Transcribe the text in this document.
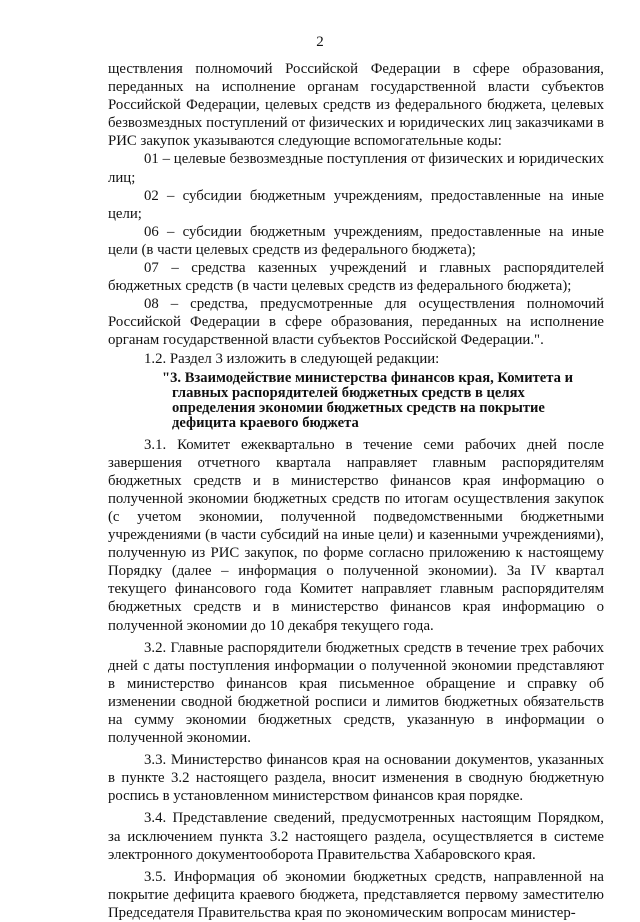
2

ществления полномочий Российской Федерации в сфере образования, переданных на исполнение органам государственной власти субъектов Российской Федерации, целевых средств из федерального бюджета, целевых безвозмездных поступлений от физических и юридических лиц заказчиками в РИС закупок указываются следующие вспомогательные коды:

01 – целевые безвозмездные поступления от физических и юридических лиц;

02 – субсидии бюджетным учреждениям, предоставленные на иные цели;

06 – субсидии бюджетным учреждениям, предоставленные на иные цели (в части целевых средств из федерального бюджета);

07 – средства казенных учреждений и главных распорядителей бюджетных средств (в части целевых средств из федерального бюджета);

08 – средства, предусмотренные для осуществления полномочий Российской Федерации в сфере образования, переданных на исполнение органам государственной власти субъектов Российской Федерации.".

1.2. Раздел 3 изложить в следующей редакции:

"3. Взаимодействие министерства финансов края, Комитета и главных распорядителей бюджетных средств в целях определения экономии бюджетных средств на покрытие дефицита краевого бюджета

3.1. Комитет ежеквартально в течение семи рабочих дней после завершения отчетного квартала направляет главным распорядителям бюджетных средств и в министерство финансов края информацию о полученной экономии бюджетных средств по итогам осуществления закупок (с учетом экономии, полученной подведомственными бюджетными учреждениями (в части субсидий на иные цели) и казенными учреждениями), полученную из РИС закупок, по форме согласно приложению к настоящему Порядку (далее – информация о полученной экономии). За IV квартал текущего финансового года Комитет направляет главным распорядителям бюджетных средств и в министерство финансов края информацию о полученной экономии до 10 декабря текущего года.

3.2. Главные распорядители бюджетных средств в течение трех рабочих дней с даты поступления информации о полученной экономии представляют в министерство финансов края письменное обращение и справку об изменении сводной бюджетной росписи и лимитов бюджетных обязательств на сумму экономии бюджетных средств, указанную в информации о полученной экономии.

3.3. Министерство финансов края на основании документов, указанных в пункте 3.2 настоящего раздела, вносит изменения в сводную бюджетную роспись в установленном министерством финансов края порядке.

3.4. Представление сведений, предусмотренных настоящим Порядком, за исключением пункта 3.2 настоящего раздела, осуществляется в системе электронного документооборота Правительства Хабаровского края.

3.5. Информация об экономии бюджетных средств, направленной на покрытие дефицита краевого бюджета, представляется первому заместителю Председателя Правительства края по экономическим вопросам министер-
